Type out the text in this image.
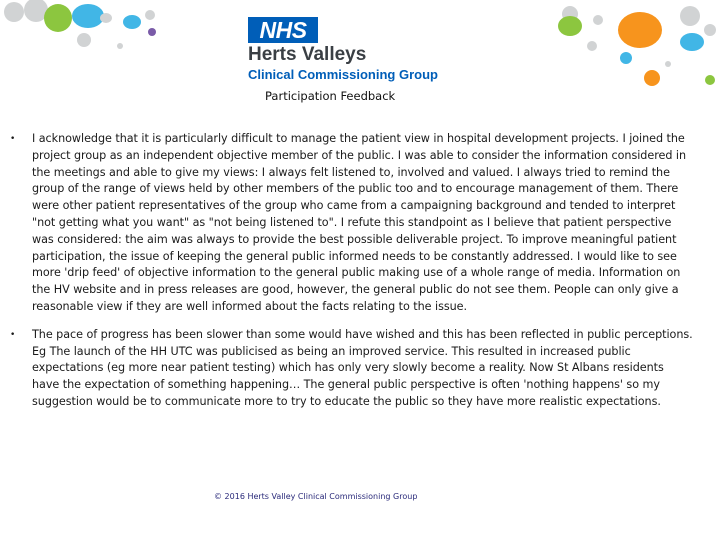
NHS
Herts Valleys
Clinical Commissioning Group
Participation Feedback
• I acknowledge that it is particularly difficult to manage the patient view in hospital development projects. I joined the project group as an independent objective member of the public. I was able to consider the information considered in the meetings and able to give my views: I always felt listened to, involved and valued. I always tried to remind the group of the range of views held by other members of the public too and to encourage management of them. There were other patient representatives of the group who came from a campaigning background and tended to interpret "not getting what you want" as "not being listened to". I refute this standpoint as I believe that patient perspective was considered: the aim was always to provide the best possible deliverable project. To improve meaningful patient participation, the issue of keeping the general public informed needs to be constantly addressed. I would like to see more 'drip feed' of objective information to the general public making use of a whole range of media. Information on the HV website and in press releases are good, however, the general public do not see them. People can only give a reasonable view if they are well informed about the facts relating to the issue.

• The pace of progress has been slower than some would have wished and this has been reflected in public perceptions. Eg The launch of the HH UTC was publicised as being an improved service. This resulted in increased public expectations (eg more near patient testing) which has only very slowly become a reality. Now St Albans residents have the expectation of something happening… The general public perspective is often 'nothing happens' so my suggestion would be to communicate more to try to educate the public so they have more realistic expectations.

© 2016 Herts Valley Clinical Commissioning Group
